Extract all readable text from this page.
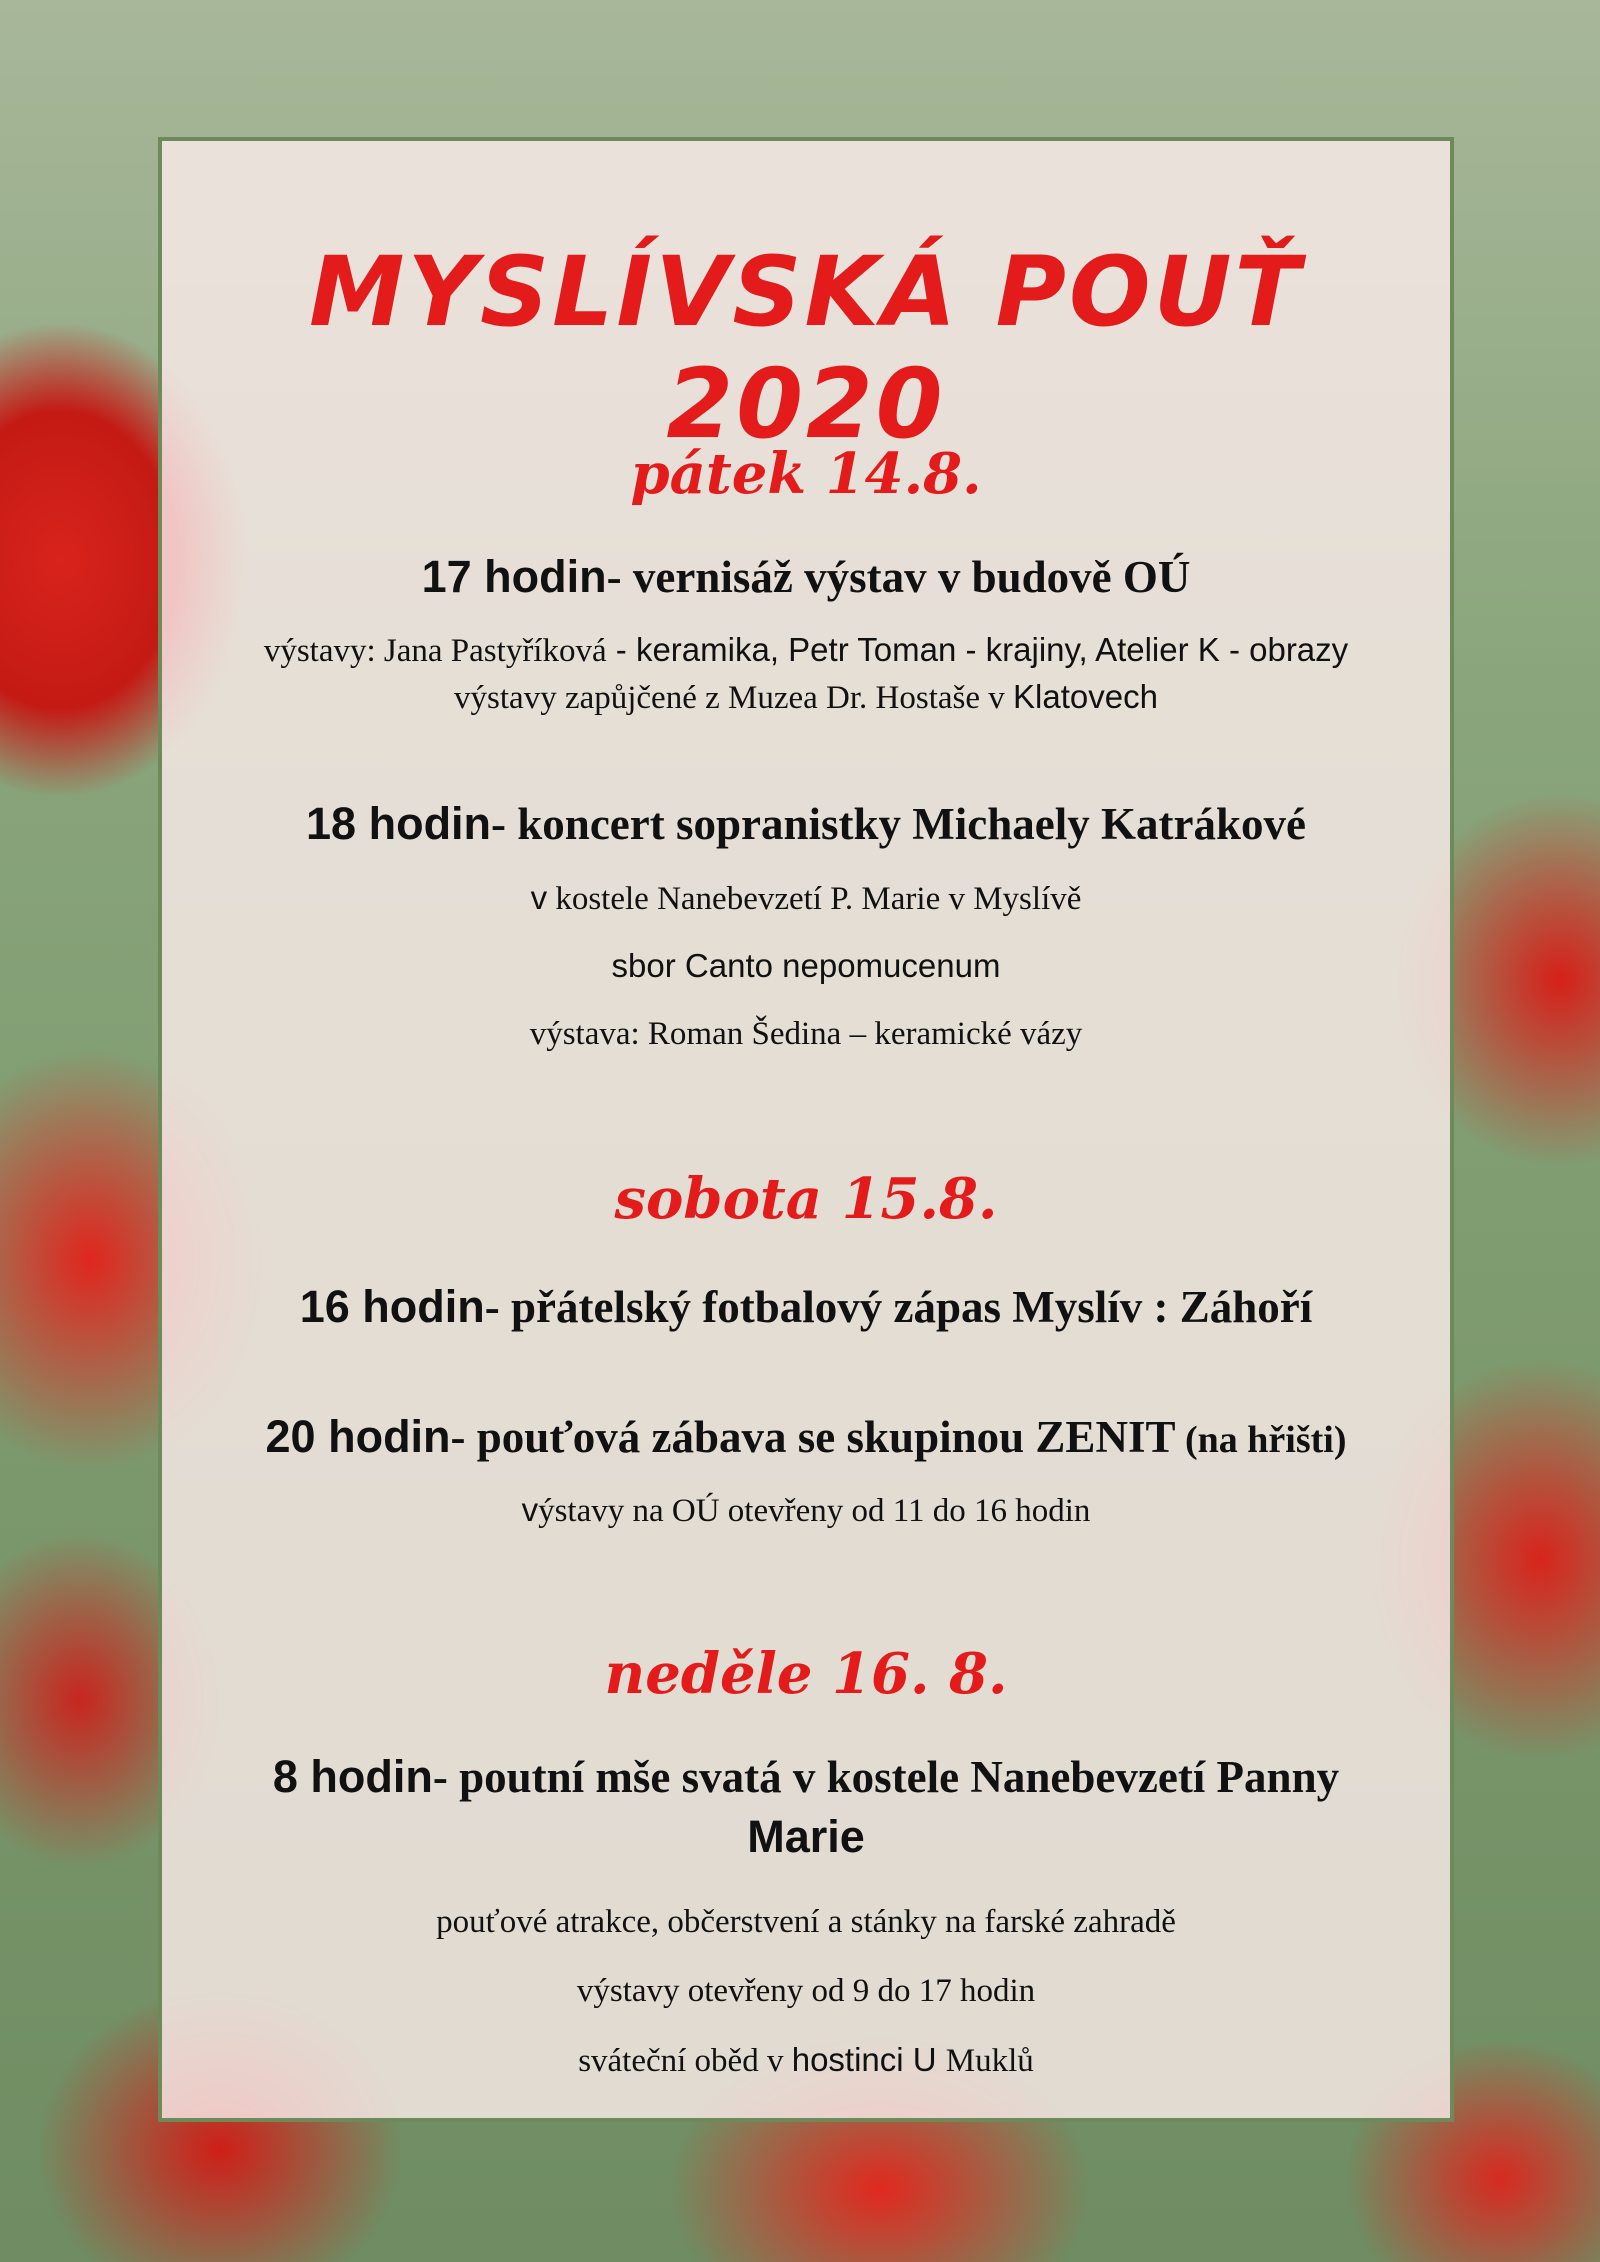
MYSLÍVSKÁ POUŤ 2020
pátek 14.8.
17 hodin- vernisáž výstav v budově OÚ
výstavy: Jana Pastyříková - keramika, Petr Toman - krajiny, Atelier K - obrazy
výstavy zapůjčené z Muzea Dr. Hostaše v Klatovech
18 hodin- koncert sopranistky Michaely Katrákové
v kostele Nanebevzetí P. Marie v Myslívě
sbor Canto nepomucenum
výstava: Roman Šedina – keramické vázy
sobota 15.8.
16 hodin- přátelský fotbalový zápas Myslív : Záhoří
20 hodin- pouťová zábava se skupinou ZENIT (na hřišti)
výstavy na OÚ otevřeny od 11 do 16 hodin
neděle 16. 8.
8 hodin- poutní mše svatá v kostele Nanebevzetí Panny
Marie
pouťové atrakce, občerstvení a stánky na farské zahradě
výstavy otevřeny od 9 do 17 hodin
sváteční oběd v hostinci U Muklů
